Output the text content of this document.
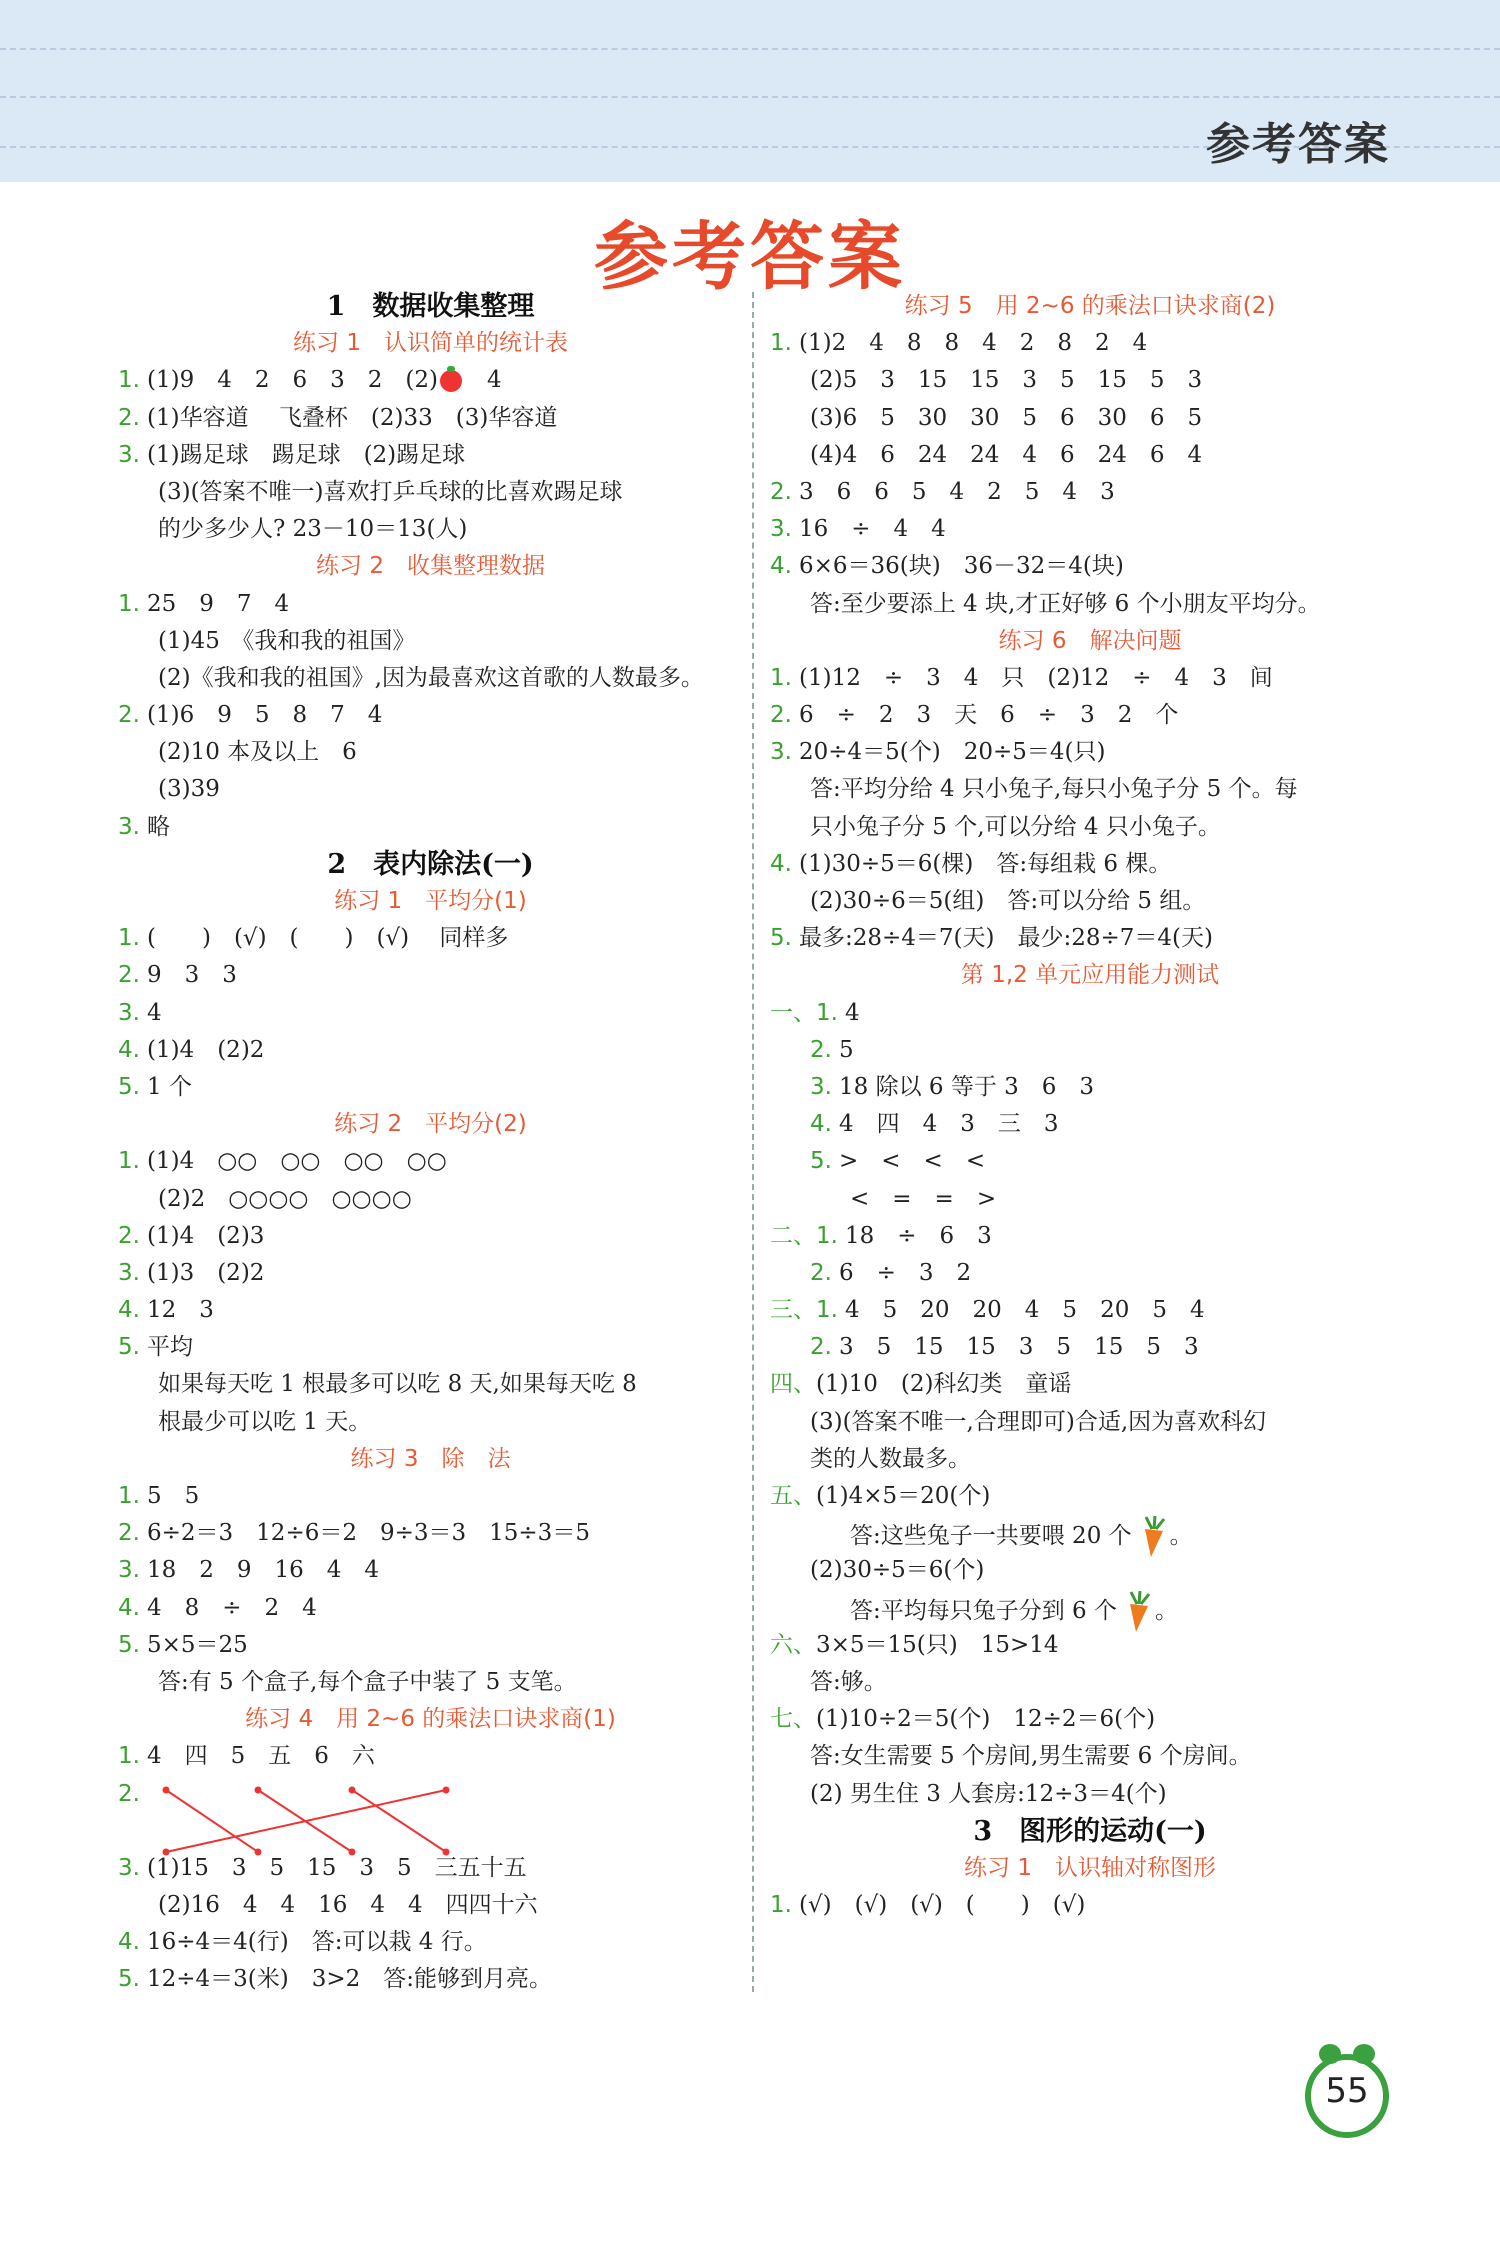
参考答案
参考答案
1　数据收集整理
练习 1　认识简单的统计表
1. (1)9　4　2　6　3　2　(2)　4
2. (1)华容道　 飞叠杯　(2)33　(3)华容道
3. (1)踢足球　踢足球　(2)踢足球
(3)(答案不唯一)喜欢打乒乓球的比喜欢踢足球
的少多少人? 23－10＝13(人)
练习 2　收集整理数据
1. 25　9　7　4
(1)45　《我和我的祖国》
(2)《我和我的祖国》,因为最喜欢这首歌的人数最多。
2. (1)6　9　5　8　7　4
(2)10 本及以上　6
(3)39
3. 略
2　表内除法(一)
练习 1　平均分(1)
1. (　　)　(√)　(　　)　(√)　 同样多
2. 9　3　3
3. 4
4. (1)4　(2)2
5. 1 个
练习 2　平均分(2)
1. (1)4　○○　○○　○○　○○
(2)2　○○○○　○○○○
2. (1)4　(2)3
3. (1)3　(2)2
4. 12　3
5. 平均
如果每天吃 1 根最多可以吃 8 天,如果每天吃 8
根最少可以吃 1 天。
练习 3　除　法
1. 5　5
2. 6÷2＝3　12÷6＝2　9÷3＝3　15÷3＝5
3. 18　2　9　16　4　4
4. 4　8　÷　2　4
5. 5×5＝25
答:有 5 个盒子,每个盒子中装了 5 支笔。
练习 4　用 2~6 的乘法口诀求商(1)
1. 4　四　5　五　6　六
2.
3. (1)15　3　5　15　3　5　三五十五
(2)16　4　4　16　4　4　四四十六
4. 16÷4＝4(行)　答:可以栽 4 行。
5. 12÷4＝3(米)　3>2　答:能够到月亮。
练习 5　用 2~6 的乘法口诀求商(2)
1. (1)2　4　8　8　4　2　8　2　4
(2)5　3　15　15　3　5　15　5　3
(3)6　5　30　30　5　6　30　6　5
(4)4　6　24　24　4　6　24　6　4
2. 3　6　6　5　4　2　5　4　3
3. 16　÷　4　4
4. 6×6＝36(块)　36－32＝4(块)
答:至少要添上 4 块,才正好够 6 个小朋友平均分。
练习 6　解决问题
1. (1)12　÷　3　4　只　(2)12　÷　4　3　间
2. 6　÷　2　3　天　6　÷　3　2　个
3. 20÷4＝5(个)　20÷5＝4(只)
答:平均分给 4 只小兔子,每只小兔子分 5 个。每
只小兔子分 5 个,可以分给 4 只小兔子。
4. (1)30÷5＝6(棵)　答:每组栽 6 棵。
(2)30÷6＝5(组)　答:可以分给 5 组。
5. 最多:28÷4＝7(天)　最少:28÷7＝4(天)
第 1,2 单元应用能力测试
一、1. 4
2. 5
3. 18 除以 6 等于 3　6　3
4. 4　四　4　3　三　3
5. >　<　<　<
<　=　=　>
二、1. 18　÷　6　3
2. 6　÷　3　2
三、1. 4　5　20　20　4　5　20　5　4
2. 3　5　15　15　3　5　15　5　3
四、(1)10　(2)科幻类　童谣
(3)(答案不唯一,合理即可)合适,因为喜欢科幻
类的人数最多。
五、(1)4×5＝20(个)
答:这些兔子一共要喂 20 个 。
(2)30÷5＝6(个)
答:平均每只兔子分到 6 个 。
六、3×5＝15(只)　15>14
答:够。
七、(1)10÷2＝5(个)　12÷2＝6(个)
答:女生需要 5 个房间,男生需要 6 个房间。
(2) 男生住 3 人套房:12÷3＝4(个)
3　图形的运动(一)
练习 1　认识轴对称图形
1. (√)　(√)　(√)　(　　)　(√)
55
